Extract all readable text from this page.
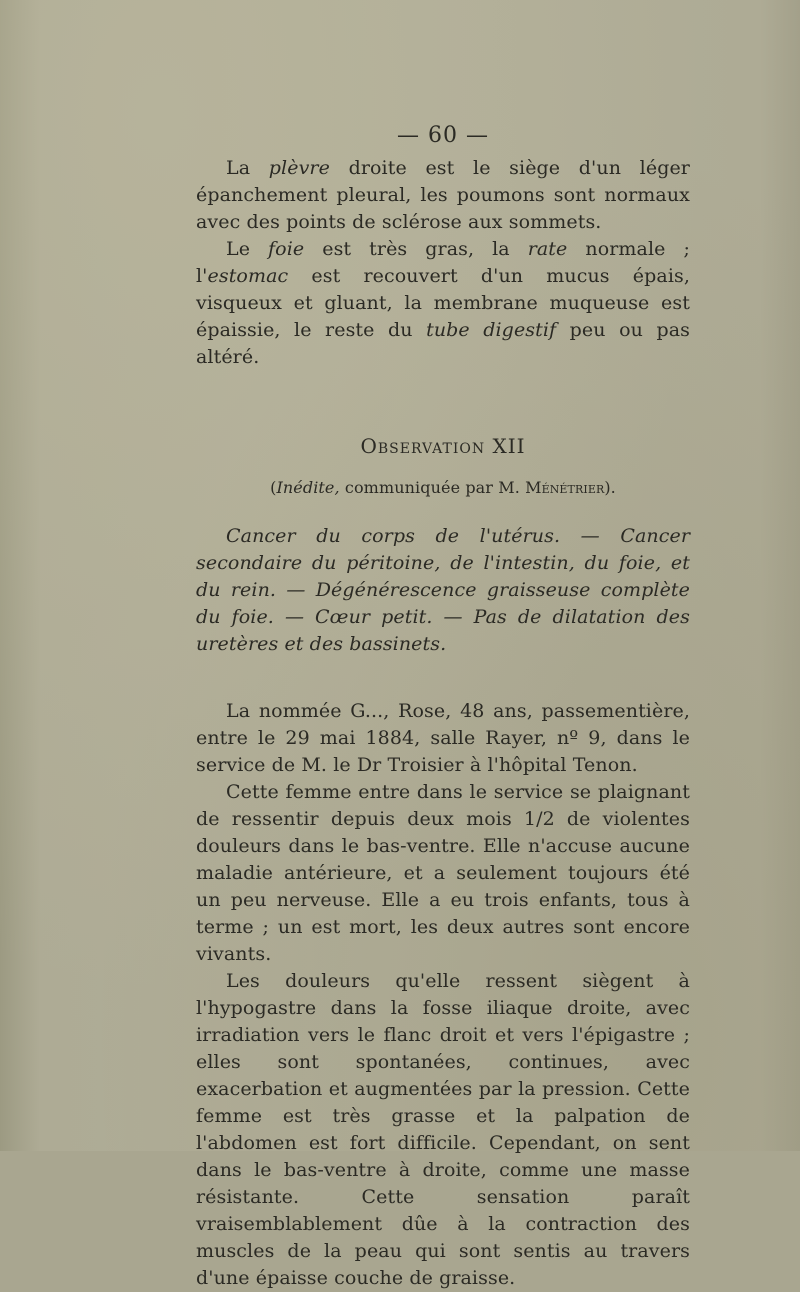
— 60 —

La plèvre droite est le siège d'un léger épanchement pleural, les poumons sont normaux avec des points de sclérose aux sommets.

Le foie est très gras, la rate normale ; l'estomac est recouvert d'un mucus épais, visqueux et gluant, la membrane muqueuse est épaissie, le reste du tube digestif peu ou pas altéré.

Observation XII
(Inédite, communiquée par M. Ménétrier).

Cancer du corps de l'utérus. — Cancer secondaire du péritoine, de l'intestin, du foie, et du rein. — Dégénérescence graisseuse complète du foie. — Cœur petit. — Pas de dilatation des uretères et des bassinets.

La nommée G..., Rose, 48 ans, passementière, entre le 29 mai 1884, salle Rayer, nº 9, dans le service de M. le Dr Troisier à l'hôpital Tenon.

Cette femme entre dans le service se plaignant de ressentir depuis deux mois 1/2 de violentes douleurs dans le bas-ventre. Elle n'accuse aucune maladie antérieure, et a seulement toujours été un peu nerveuse. Elle a eu trois enfants, tous à terme ; un est mort, les deux autres sont encore vivants.

Les douleurs qu'elle ressent siègent à l'hypogastre dans la fosse iliaque droite, avec irradiation vers le flanc droit et vers l'épigastre ; elles sont spontanées, continues, avec exacerbation et augmentées par la pression. Cette femme est très grasse et la palpation de l'abdomen est fort difficile. Cependant, on sent dans le bas-ventre à droite, comme une masse résistante. Cette sensation paraît vraisemblablement dûe à la contraction des muscles de la peau qui sont sentis au travers d'une épaisse couche de graisse.
